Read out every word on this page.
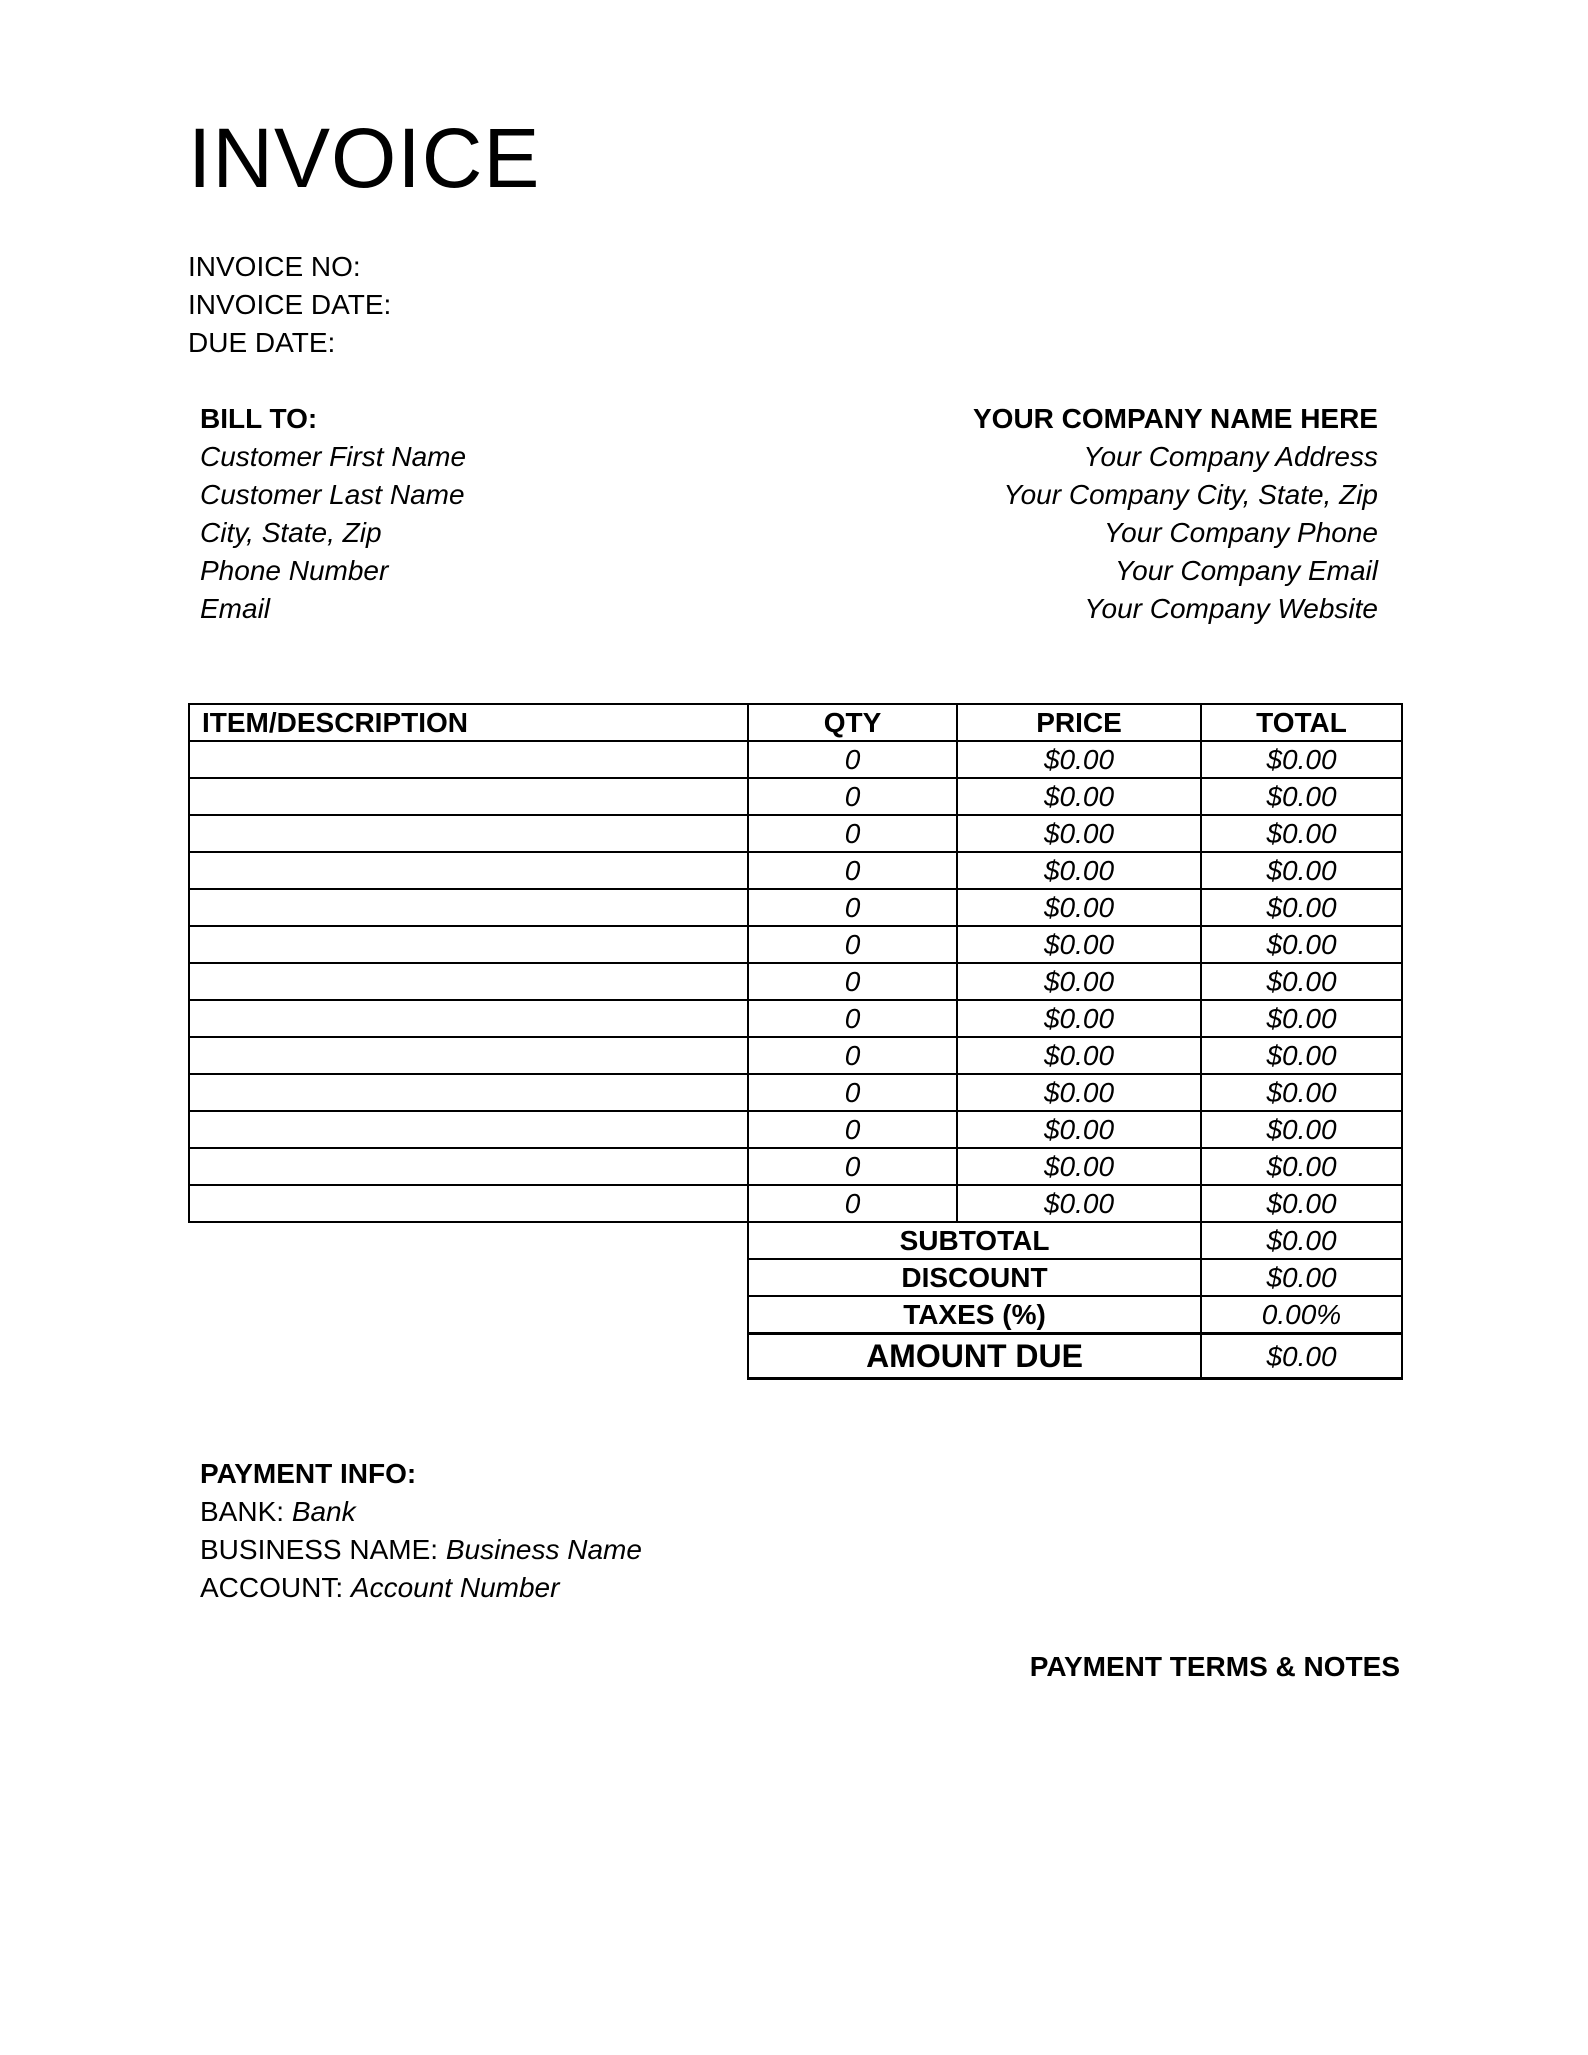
INVOICE
INVOICE NO:
INVOICE DATE:
DUE DATE:
BILL TO:
Customer First Name
Customer Last Name
City, State, Zip
Phone Number
Email
YOUR COMPANY NAME HERE
Your Company Address
Your Company City, State, Zip
Your Company Phone
Your Company Email
Your Company Website
ITEM/DESCRIPTION	QTY	PRICE	TOTAL
	0	$0.00	$0.00
	0	$0.00	$0.00
	0	$0.00	$0.00
	0	$0.00	$0.00
	0	$0.00	$0.00
	0	$0.00	$0.00
	0	$0.00	$0.00
	0	$0.00	$0.00
	0	$0.00	$0.00
	0	$0.00	$0.00
	0	$0.00	$0.00
	0	$0.00	$0.00
	0	$0.00	$0.00
	SUBTOTAL		$0.00
	DISCOUNT		$0.00
	TAXES (%)		0.00%
	AMOUNT DUE		$0.00
PAYMENT INFO:
BANK: Bank
BUSINESS NAME: Business Name
ACCOUNT: Account Number
PAYMENT TERMS & NOTES
